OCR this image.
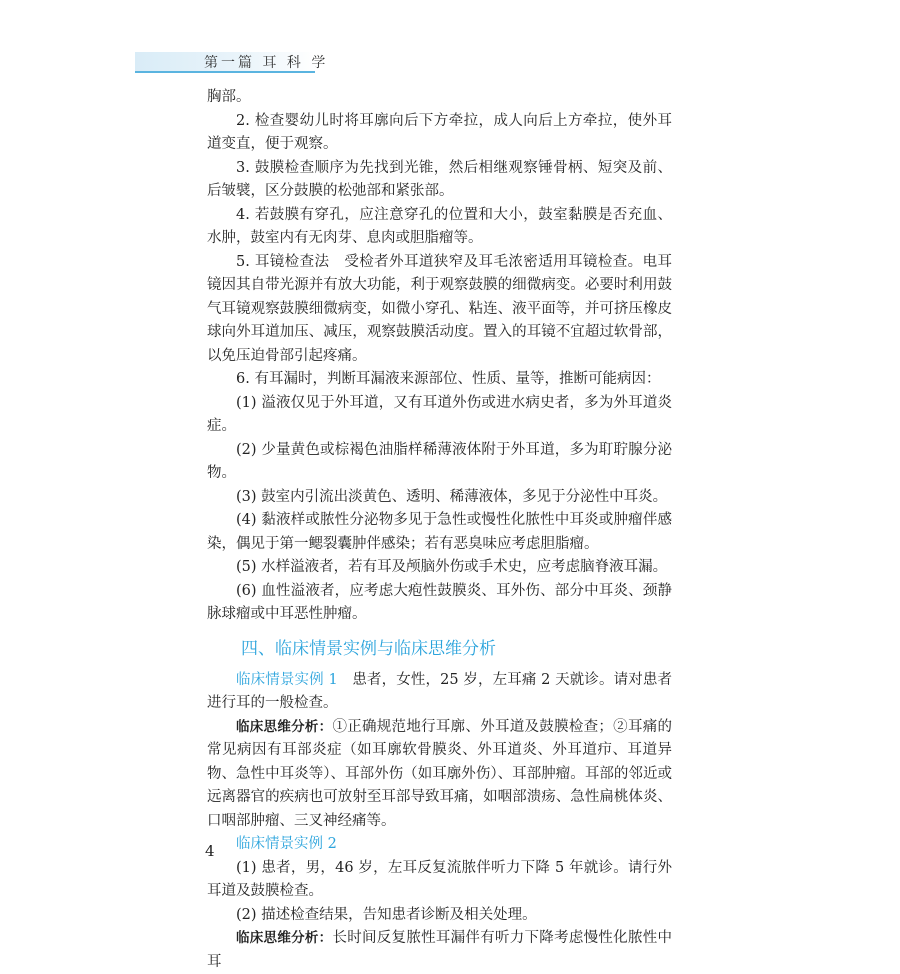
第一篇 耳 科 学

胸部。

2. 检查婴幼儿时将耳廓向后下方牵拉，成人向后上方牵拉，使外耳道变直，便于观察。

3. 鼓膜检查顺序为先找到光锥，然后相继观察锤骨柄、短突及前、后皱襞，区分鼓膜的松弛部和紧张部。

4. 若鼓膜有穿孔，应注意穿孔的位置和大小，鼓室黏膜是否充血、水肿，鼓室内有无肉芽、息肉或胆脂瘤等。

5. 耳镜检查法　受检者外耳道狭窄及耳毛浓密适用耳镜检查。电耳镜因其自带光源并有放大功能，利于观察鼓膜的细微病变。必要时利用鼓气耳镜观察鼓膜细微病变，如微小穿孔、粘连、液平面等，并可挤压橡皮球向外耳道加压、减压，观察鼓膜活动度。置入的耳镜不宜超过软骨部，以免压迫骨部引起疼痛。

6. 有耳漏时，判断耳漏液来源部位、性质、量等，推断可能病因：

(1) 溢液仅见于外耳道，又有耳道外伤或进水病史者，多为外耳道炎症。

(2) 少量黄色或棕褐色油脂样稀薄液体附于外耳道，多为耵聍腺分泌物。

(3) 鼓室内引流出淡黄色、透明、稀薄液体，多见于分泌性中耳炎。

(4) 黏液样或脓性分泌物多见于急性或慢性化脓性中耳炎或肿瘤伴感染，偶见于第一鳃裂囊肿伴感染；若有恶臭味应考虑胆脂瘤。

(5) 水样溢液者，若有耳及颅脑外伤或手术史，应考虑脑脊液耳漏。

(6) 血性溢液者，应考虑大疱性鼓膜炎、耳外伤、部分中耳炎、颈静脉球瘤或中耳恶性肿瘤。

四、临床情景实例与临床思维分析

临床情景实例 1　患者，女性，25 岁，左耳痛 2 天就诊。请对患者进行耳的一般检查。

临床思维分析：①正确规范地行耳廓、外耳道及鼓膜检查；②耳痛的常见病因有耳部炎症（如耳廓软骨膜炎、外耳道炎、外耳道疖、耳道异物、急性中耳炎等）、耳部外伤（如耳廓外伤）、耳部肿瘤。耳部的邻近或远离器官的疾病也可放射至耳部导致耳痛，如咽部溃疡、急性扁桃体炎、口咽部肿瘤、三叉神经痛等。

临床情景实例 2

(1) 患者，男，46 岁，左耳反复流脓伴听力下降 5 年就诊。请行外耳道及鼓膜检查。

(2) 描述检查结果，告知患者诊断及相关处理。

临床思维分析：长时间反复脓性耳漏伴有听力下降考虑慢性化脓性中耳

4
